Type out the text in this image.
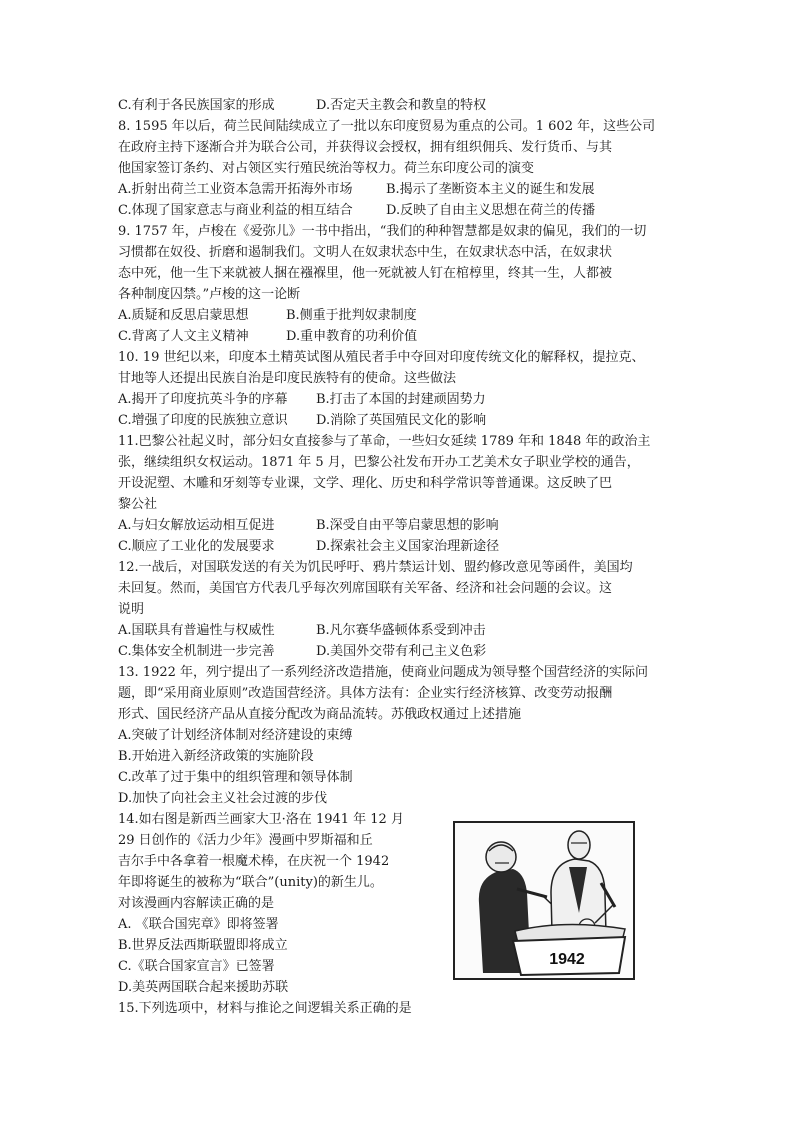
C.有利于各民族国家的形成	D.否定天主教会和教皇的特权
8. 1595 年以后，荷兰民间陆续成立了一批以东印度贸易为重点的公司。1 602 年，这些公司
在政府主持下逐渐合并为联合公司，并获得议会授权，拥有组织佣兵、发行货币、与其
他国家签订条约、对占领区实行殖民统治等权力。荷兰东印度公司的演变
A.折射出荷兰工业资本急需开拓海外市场	B.揭示了垄断资本主义的诞生和发展
C.体现了国家意志与商业利益的相互结合	D.反映了自由主义思想在荷兰的传播
9. 1757 年，卢梭在《爱弥儿》一书中指出，“我们的种种智慧都是奴隶的偏见，我们的一切
习惯都在奴役、折磨和遏制我们。文明人在奴隶状态中生，在奴隶状态中活，在奴隶状
态中死，他一生下来就被人捆在襁褓里，他一死就被人钉在棺椁里，终其一生，人都被
各种制度囚禁。”卢梭的这一论断
A.质疑和反思启蒙思想	B.侧重于批判奴隶制度
C.背离了人文主义精神	D.重申教育的功利价值
10. 19 世纪以来，印度本土精英试图从殖民者手中夺回对印度传统文化的解释权，提拉克、
甘地等人还提出民族自治是印度民族特有的使命。这些做法
A.揭开了印度抗英斗争的序幕	B.打击了本国的封建顽固势力
C.增强了印度的民族独立意识	D.消除了英国殖民文化的影响
11.巴黎公社起义时，部分妇女直接参与了革命，一些妇女延续 1789 年和 1848 年的政治主
张，继续组织女权运动。1871 年 5 月，巴黎公社发布开办工艺美术女子职业学校的通告，
开设泥塑、木雕和牙刻等专业课，文学、理化、历史和科学常识等普通课。这反映了巴
黎公社
A.与妇女解放运动相互促进	B.深受自由平等启蒙思想的影响
C.顺应了工业化的发展要求	D.探索社会主义国家治理新途径
12.一战后，对国联发送的有关为饥民呼吁、鸦片禁运计划、盟约修改意见等函件，美国均
未回复。然而，美国官方代表几乎每次列席国联有关军备、经济和社会问题的会议。这
说明
A.国联具有普遍性与权威性	B.凡尔赛华盛顿体系受到冲击
C.集体安全机制进一步完善	D.美国外交带有利己主义色彩
13. 1922 年，列宁提出了一系列经济改造措施，使商业问题成为领导整个国营经济的实际问
题，即“采用商业原则”改造国营经济。具体方法有：企业实行经济核算、改变劳动报酬
形式、国民经济产品从直接分配改为商品流转。苏俄政权通过上述措施
A.突破了计划经济体制对经济建设的束缚
B.开始进入新经济政策的实施阶段
C.改革了过于集中的组织管理和领导体制
D.加快了向社会主义社会过渡的步伐
14.如右图是新西兰画家大卫·洛在 1941 年 12 月
29 日创作的《活力少年》漫画中罗斯福和丘
吉尔手中各拿着一根魔术棒，在庆祝一个 1942
年即将诞生的被称为“联合”(unity)的新生儿。
对该漫画内容解读正确的是
A. 《联合国宪章》即将签署
B.世界反法西斯联盟即将成立
C.《联合国家宣言》已签署
D.美英两国联合起来援助苏联
15.下列选项中，材料与推论之间逻辑关系正确的是
1942
